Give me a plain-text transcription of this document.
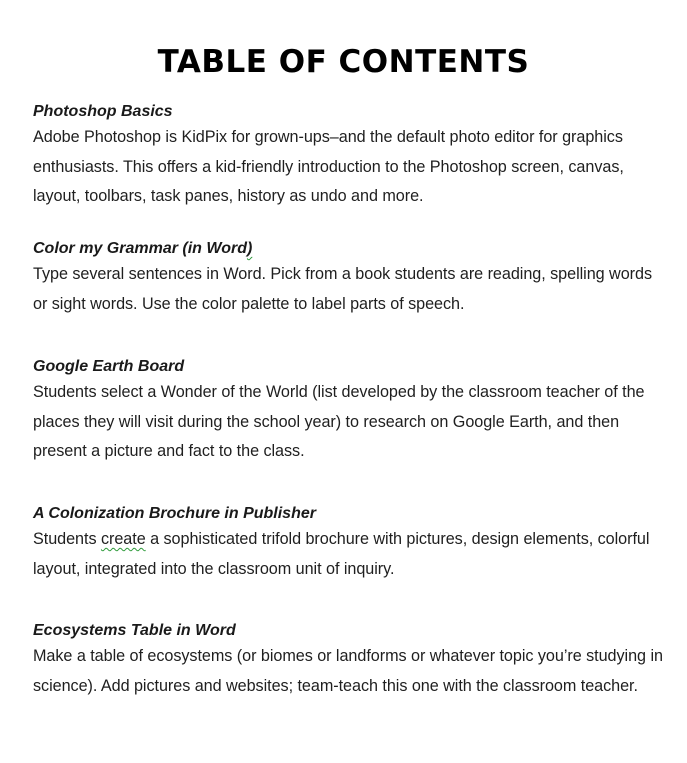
TABLE OF CONTENTS

Photoshop Basics

Adobe Photoshop is KidPix for grown-ups–and the default photo editor for graphics enthusiasts. This offers a kid-friendly introduction to the Photoshop screen, canvas, layout, toolbars, task panes, history as undo and more.

Color my Grammar (in Word)

Type several sentences in Word. Pick from a book students are reading, spelling words or sight words. Use the color palette to label parts of speech.

Google Earth Board

Students select a Wonder of the World (list developed by the classroom teacher of the places they will visit during the school year) to research on Google Earth, and then present a picture and fact to the class.

A Colonization Brochure in Publisher

Students create a sophisticated trifold brochure with pictures, design elements, colorful layout, integrated into the classroom unit of inquiry.

Ecosystems Table in Word

Make a table of ecosystems (or biomes or landforms or whatever topic you’re studying in science). Add pictures and websites; team-teach this one with the classroom teacher.
